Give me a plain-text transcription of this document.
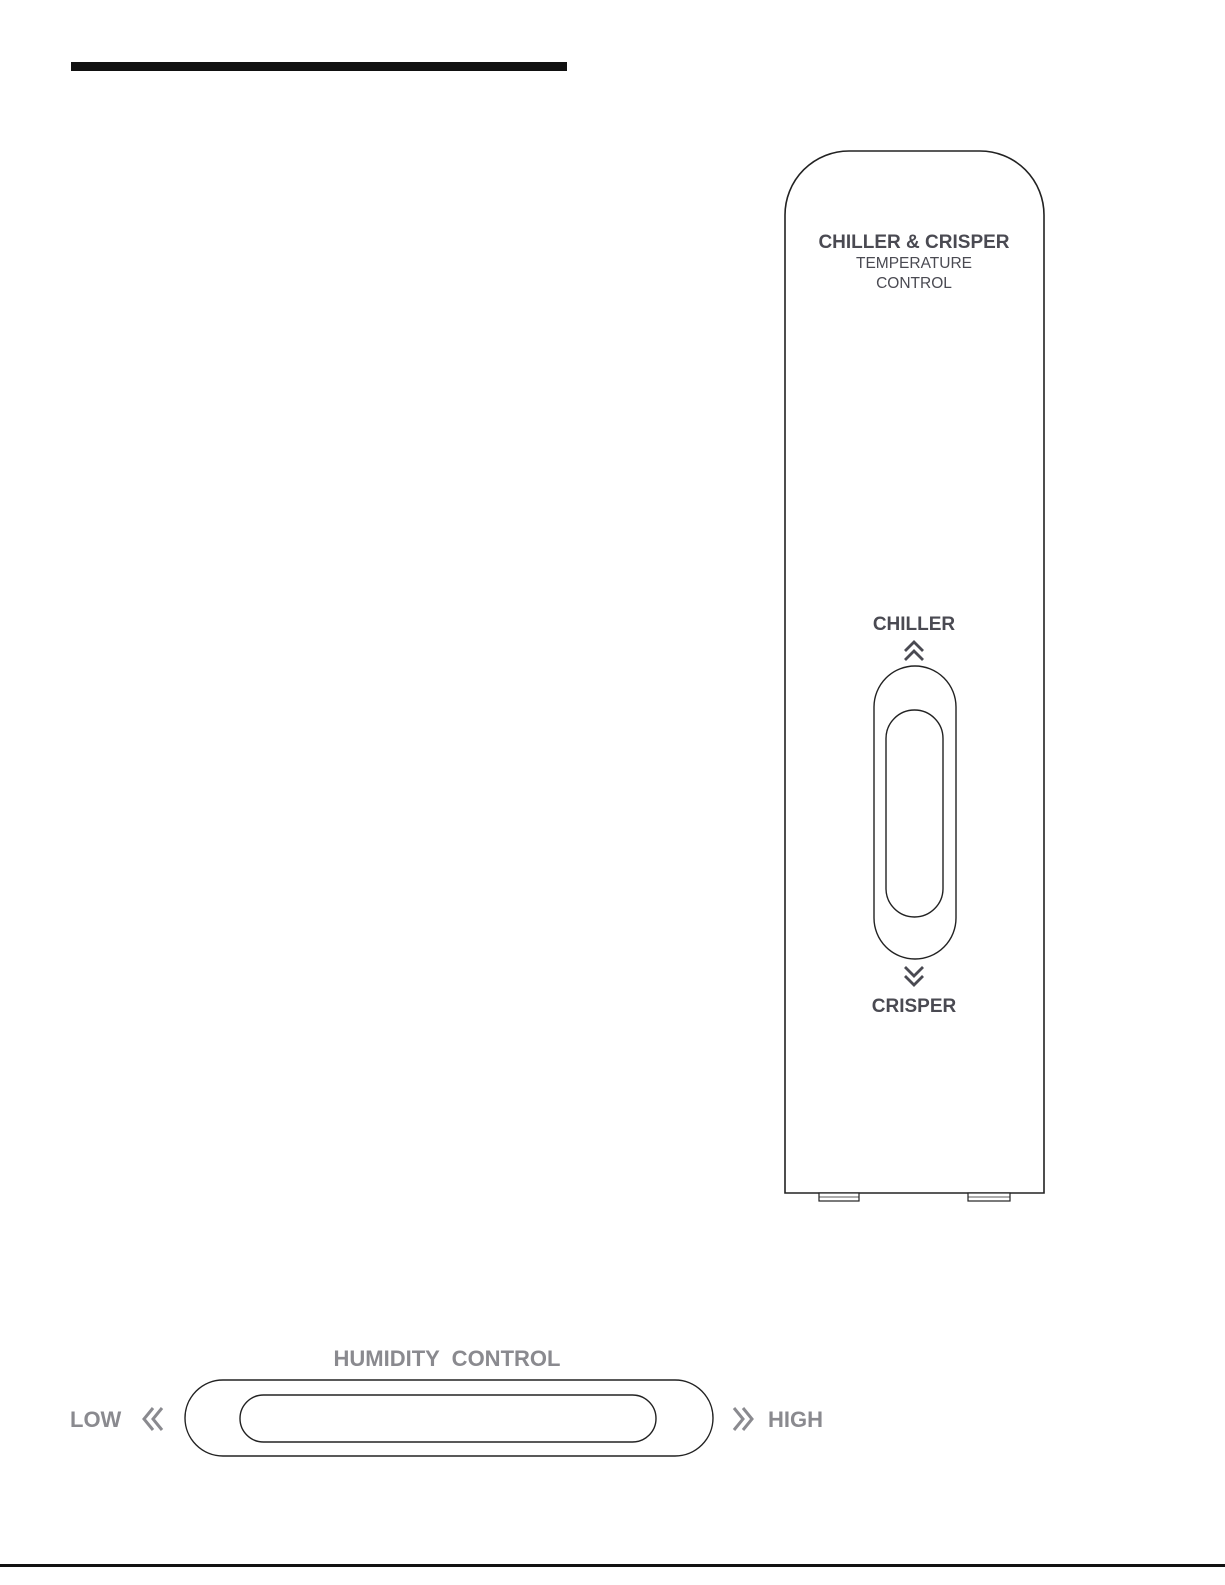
CHILLER & CRISPER
TEMPERATURE
CONTROL
CHILLER
CRISPER
HUMIDITY  CONTROL
LOW	HIGH
